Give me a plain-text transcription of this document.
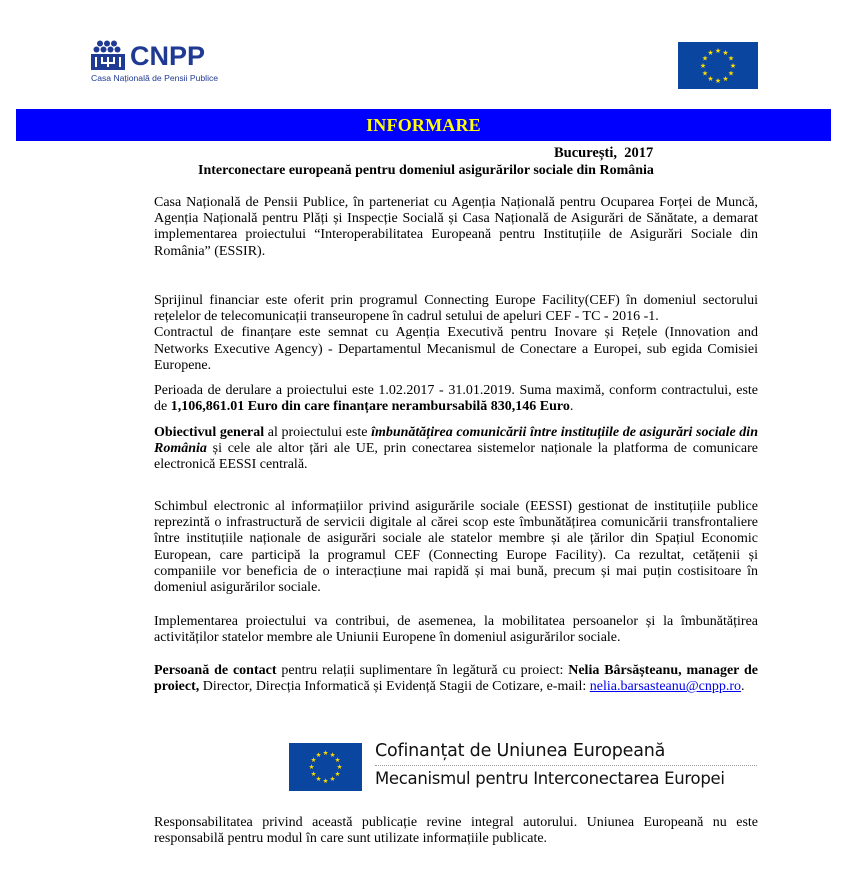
CNPP
Casa Națională de Pensii Publice
★ ★
★
★
★
★
★
★
★
★
★
★
INFORMARE
București,  2017
Interconectare europeană pentru domeniul asigurărilor sociale din România
Casa Națională de Pensii Publice, în parteneriat cu Agenția Națională pentru Ocuparea Forței de Muncă, Agenția Națională pentru Plăți și Inspecție Socială și Casa Națională de Asigurări de Sănătate, a demarat implementarea proiectului “Interoperabilitatea Europeană pentru Instituțiile de Asigurări Sociale din România” (ESSIR).
Sprijinul financiar este oferit prin programul Connecting Europe Facility(CEF) în domeniul sectorului rețelelor de telecomunicații transeuropene în cadrul setului de apeluri CEF - TC - 2016 -1.
Contractul de finanțare este semnat cu Agenția Executivă pentru Inovare și Rețele (Innovation and Networks Executive Agency) - Departamentul Mecanismul de Conectare a Europei, sub egida Comisiei Europene.
Perioada de derulare a proiectului este 1.02.2017 - 31.01.2019. Suma maximă, conform contractului, este de 1,106,861.01 Euro din care finanțare nerambursabilă 830,146 Euro.
Obiectivul general al proiectului este îmbunătățirea comunicării între instituțiile de asigurări sociale din România și cele ale altor țări ale UE, prin conectarea sistemelor naționale la platforma de comunicare electronică EESSI centrală.
Schimbul electronic al informațiilor privind asigurările sociale (EESSI) gestionat de instituțiile publice reprezintă o infrastructură de servicii digitale al cărei scop este îmbunătățirea comunicării transfrontaliere între instituțiile naționale de asigurări sociale ale statelor membre și ale țărilor din Spațiul Economic European, care participă la programul CEF (Connecting Europe Facility). Ca rezultat, cetățenii și companiile vor beneficia de o interacțiune mai rapidă și mai bună, precum și mai puțin costisitoare în domeniul asigurărilor sociale.
Implementarea proiectului va contribui, de asemenea, la mobilitatea persoanelor și la îmbunătățirea activităților statelor membre ale Uniunii Europene în domeniul asigurărilor sociale.
Persoană de contact pentru relații suplimentare în legătură cu proiect: Nelia Bârsășteanu, manager de proiect, Director, Direcția Informatică și Evidență Stagii de Cotizare, e-mail: nelia.barsasteanu@cnpp.ro.
★ ★
★
★
★
★
★
★
★
★
★
★	Cofinanțat de Uniunea Europeană
Mecanismul pentru Interconectarea Europei
Responsabilitatea privind această publicație revine integral autorului. Uniunea Europeană nu este responsabilă pentru modul în care sunt utilizate informațiile publicate.
